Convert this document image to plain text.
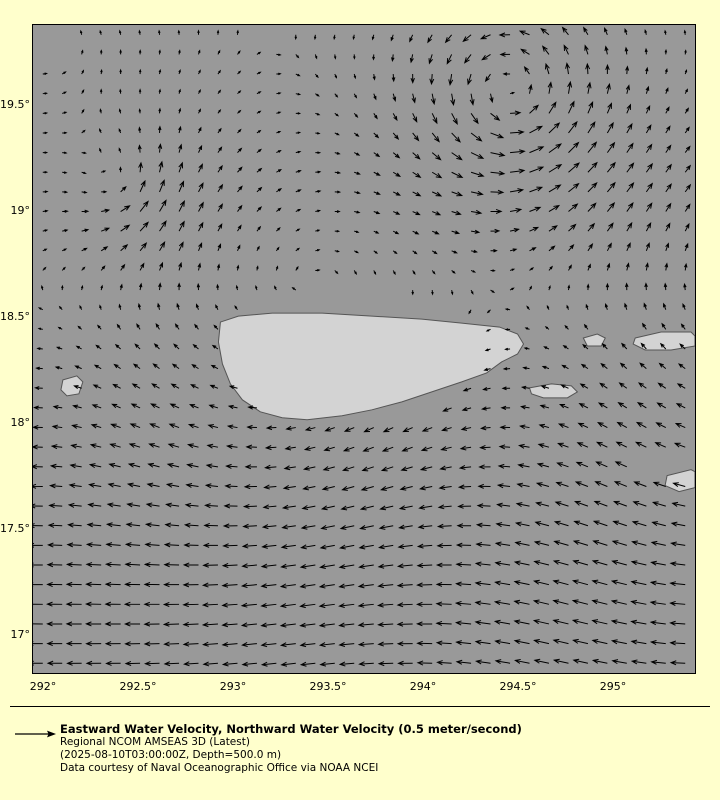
19.5°
19°
18.5°
18°
17.5°
17°
292°	292.5°	293°	293.5°	294°	294.5°	295°
Eastward Water Velocity, Northward Water Velocity (0.5 meter/second)
Regional NCOM AMSEAS 3D (Latest)
(2025-08-10T03:00:00Z, Depth=500.0 m)
Data courtesy of Naval Oceanographic Office via NOAA NCEI
